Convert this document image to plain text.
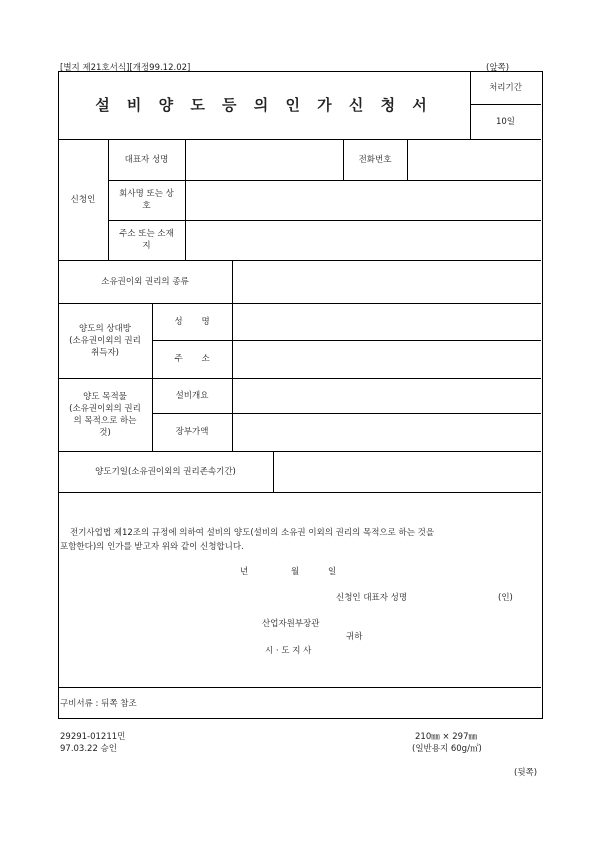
[별지 제21호서식][개정99.12.02]	(앞쪽)
설 비 양 도 등 의 인 가 신 청 서
처리기간
10일
신청인
대표자 성명	전화번호
회사명 또는 상
호
주소 또는 소재
지
소유권이외 권리의 종류
양도의 상대방
(소유권이외의 권리
취득자)
성       명
주       소
양도 목적물
(소유권이외의 권리
의 목적으로 하는
것)
설비개요
장부가액
양도기일(소유권이외의 권리존속기간)
전기사업법 제12조의 규정에 의하여 설비의 양도(설비의 소유권 이외의 권리의 목적으로 하는 것을
포함한다)의 인가를 받고자 위와 같이 신청합니다.
년	월	일
신청인 대표자 성명	(인)
산업자원부장관
귀하
시 · 도 지 사
구비서류 : 뒤쪽 참조
29291-01211민
97.03.22 승인
210㎜ × 297㎜
(일반용지 60g/㎡)
(뒷쪽)
